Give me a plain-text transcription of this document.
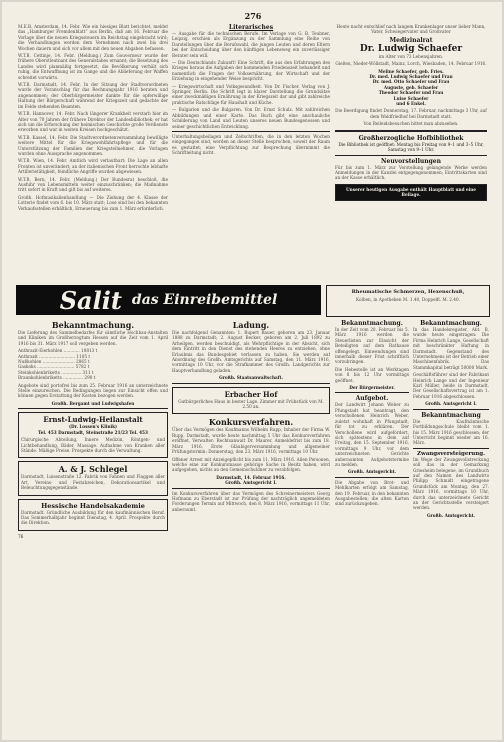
276

M.E.B. Amsterdam, 14. Febr. Wie ein hiesiges Blatt berichtet, meldet das „Hamburger Fremdenblatt“ aus Berlin, daß am 16. Februar die Vorlage über die neuen Kriegssteuern im Reichstag eingebracht wird; die Verhandlungen werden dem Vernehmen nach zwei bis drei Wochen dauern und sich vor allem mit den neuen Abgaben befassen.

W.T.B. Cettinje, 14. Febr. (Meldung.) Zum Gouverneur wurde der frühere Oberstleutnant des Generalstabes ernannt; die Besetzung des Landes wird planmäßig fortgesetzt, die Bevölkerung verhält sich ruhig, die Entwaffnung ist im Gange und die Ablieferung der Waffen schreitet vorwärts.

W.T.B. Darmstadt, 14. Febr. In der Sitzung der Stadtverordneten wurde der Voranschlag für das Rechnungsjahr 1916 beraten und angenommen; der Oberbürgermeister dankte für die opferwillige Haltung der Bürgerschaft während der Kriegszeit und gedachte der im Felde stehenden Beamten.

W.T.B. Hannover, 14. Febr. Nach längerer Krankheit verstarb hier im Alter von 70 Jahren der frühere Direktor der Landesbibliothek; er hat sich um die Erforschung der heimischen Geschichte große Verdienste erworben und war in weiten Kreisen hochgeschätzt.

W.T.B. Kassel, 14. Febr. Die Stadtverordnetenversammlung bewilligte weitere Mittel für die Kriegswohlfahrtspflege und für die Unterstützung der Familien der Kriegsteilnehmer, die Vorlagen wurden ohne Aussprache angenommen.

W.T.B. Wien, 14. Febr. Amtlich wird verlautbart: Die Lage an allen Fronten ist unverändert; an der italienischen Front herrschte lebhafte Artillerietätigkeit, feindliche Angriffe wurden abgewiesen.

W.T.B. Bern, 14. Febr. (Meldung.) Der Bundesrat beschloß, die Ausfuhr von Lebensmitteln weiter einzuschränken; die Maßnahme tritt sofort in Kraft und gilt bis auf weiteres.

Großh. Hofmusikalienhandlung — Die Ziehung der 4. Klasse der Lotterie findet vom 6. bis 10. März statt; Lose sind bei den bekannten Verkaufsstellen erhältlich, Erneuerung bis zum 1. März erforderlich.

Literarisches

— Ausgabe für die technischen Berufe. Im Verlage von G. B. Teubner, Leipzig, erschien als Ergänzung zu der Sammlung eine Reihe von Darstellungen über die Berufswahl, die jungen Leuten und deren Eltern bei der Entscheidung über den künftigen Lebensweg ein zuverlässiger Berater sein will.

— Die Deutschlands Zukunft! Eine Schrift, die aus den Erfahrungen des Krieges heraus die Aufgaben der kommenden Friedenszeit behandelt und namentlich die Fragen der Volksernährung, der Wirtschaft und der Erziehung in eingehender Weise bespricht.

— Kriegswirtschaft und Volksgesundheit. Von Dr. Fischer. Verlag von J. Springer, Berlin. Die Schrift legt in klarer Darstellung die Grundsätze einer zweckmäßigen Ernährung in der Kriegszeit dar und gibt zahlreiche praktische Ratschläge für Haushalt und Küche.

— Bulgarien und die Bulgaren. Von Dr. Ernst Schulz. Mit zahlreichen Abbildungen und einer Karte. Das Buch gibt eine anschauliche Schilderung von Land und Leuten unseres neuen Bundesgenossen und seiner geschichtlichen Entwicklung.

Unterhaltungsbeilagen und Zeitschriften, die in den letzten Wochen eingegangen sind, werden an dieser Stelle besprochen, soweit der Raum es gestattet; eine Verpflichtung zur Besprechung übernimmt die Schriftleitung nicht.

Heute nacht entschlief nach langem Krankenlager unser lieber Mann, Vater, Schwiegervater und Großvater

Medizinalrat
Dr. Ludwig Schaefer

im Alter von 73 Lebensjahren.

Gießen, Nieder-Wöllstadt, Mainz, Lorch, Wiesbaden, 14. Februar 1916.

Meline Schaefer, geb. Fries.
Dr. med. Ludwig Schaefer und Frau
Dr. med. Otto Schaefer und Frau
Auguste, geb. Schaefer
Theodor Schaefer und Frau
Luise Schaefer
und 6 Enkel.

Die Beerdigung findet Donnerstag, 17. Februar, nachmittags 3 Uhr, auf dem Waldfriedhof bei Darmstadt statt.

Von Beileidsbesuchen bittet man abzusehen.

Großherzogliche Hofbibliothek

Die Bibliothek ist geöffnet: Montag bis Freitag von 9–1 und 3–5 Uhr, Samstag von 9–1 Uhr.

Neuvorstellungen

Für bis zum 1. März zur Vorstellung gelangende Werke werden Anmeldungen in der Kanzlei entgegengenommen; Eintrittskarten sind an der Kasse erhältlich.

Unserer heutigen Ausgabe enthält Hauptblatt und eine Beilage.

Salit das Einreibemittel	Rheumatische Schmerzen, Hexenschuß,

Kolben, in Apotheken M. 1.40, Doppelfl. M. 2.40.

Bekanntmachung.

Die Lieferung des Sammelbedarfes für sämtliche Hochbau-Anstalten und Kliniken im Großherzogtum Hessen auf die Zeit vom 1. April 1916 bis 31. März 1917 soll vergeben werden.

Anthrazit-Eierkohlen ............ 10813 t
Anthrazit ........................... 1105 t
Nußkohlen ........................ 2865 t
Gaskoks ............................ 5782 t
Steinkohlenbriketts ............... 311 t
Braunkohlenbriketts ............... 290 t

Angebote sind portofrei bis zum 25. Februar 1916 an unterzeichnete Stelle einzureichen. Die Bedingungen liegen zur Einsicht offen und können gegen Erstattung der Kosten bezogen werden.

Großh. Bergamt und Ludwigshafen

Ernst-Ludwig-Heilanstalt

(Dr. Lossen's Klinik)
Tel. 453 Darmstadt, Steinstraße 21/23 Tel. 453

Chirurgische Abteilung, Innere Medizin, Röntgen- und Lichtbehandlung, Bäder, Massage. Aufnahme von Kranken aller Stände. Mäßige Preise. Prospekte durch die Verwaltung.

A. & J. Schlegel

Darmstadt, Luisenstraße 12. Fabrik von Fahnen und Flaggen aller Art, Vereins- und Festabzeichen, Dekorationsartikel und Beleuchtungsgegenstände.

Hessische Handelsakademie

Darmstadt. Gründliche Ausbildung für den kaufmännischen Beruf. Das Sommerhalbjahr beginnt Dienstag, 4. April. Prospekte durch die Direktion.

76
Ladung.

Die nachfolgend Genannten: 1. Rupert Bauer, geboren am 23. Januar 1888 zu Darmstadt; 2. August Becker, geboren am 2. Juli 1892 zu Arheilgen, werden beschuldigt, als Wehrpflichtige in der Absicht, sich dem Eintritt in den Dienst des stehenden Heeres zu entziehen, ohne Erlaubnis das Bundesgebiet verlassen zu haben. Sie werden auf Anordnung des Großh. Amtsgerichts auf Samstag, den 11. März 1916, vormittags 10 Uhr, vor die Strafkammer des Großh. Landgerichts zur Hauptverhandlung geladen.

Großh. Staatsanwaltschaft.

Erbacher Hof

Gutbürgerliches Haus in bester Lage. Zimmer mit Frühstück von M. 2.50 an.

Konkursverfahren.

Über das Vermögen des Kaufmanns Wilhelm Rupp, Inhaber der Firma W. Rupp, Darmstadt, wurde heute nachmittag 5 Uhr das Konkursverfahren eröffnet. Verwalter: Rechtsanwalt Dr. Maurer. Anmeldefrist bis zum 18. März 1916. Erste Gläubigerversammlung und allgemeiner Prüfungstermin: Donnerstag, den 23. März 1916, vormittags 10 Uhr.

Offener Arrest mit Anzeigepflicht bis zum 11. März 1916. Allen Personen, welche eine zur Konkursmasse gehörige Sache in Besitz haben, wird aufgegeben, nichts an den Gemeinschuldner zu verabfolgen.

Darmstadt, 14. Februar 1916.
Großh. Amtsgericht I.

Im Konkursverfahren über das Vermögen des Schreinermeisters Georg Hofmann zu Eberstadt ist zur Prüfung der nachträglich angemeldeten Forderungen Termin auf Mittwoch, den 8. März 1916, vormittags 11 Uhr, anberaumt.

Bekanntmachung.

In der Zeit vom 20. Februar bis 5. März 1916 werden die Steuerlisten zur Einsicht der Beteiligten auf dem Rathause offengelegt. Einwendungen sind innerhalb dieser Frist schriftlich vorzubringen.

Die Hebestelle ist an Werktagen von 8 bis 12 Uhr vormittags geöffnet.

Der Bürgermeister.

Aufgebot.

Der Landwirt Johann Weber zu Pfungstadt hat beantragt, den verschollenen Heinrich Weber, zuletzt wohnhaft in Pfungstadt, für tot zu erklären. Der Verschollene wird aufgefordert, sich spätestens in dem auf Freitag, den 15. September 1916, vormittags 9 Uhr, vor dem unterzeichneten Gerichte anberaumten Aufgebotstermine zu melden.

Großh. Amtsgericht.

Die Abgabe von Brot- und Mehlkarten erfolgt am Samstag, den 19. Februar, in den bekannten Ausgabestellen; die alten Karten sind zurückzugeben.

Bekanntmachung.

In das Handelsregister, Abt. B, wurde heute eingetragen: Die Firma Heinrich Lange, Gesellschaft mit beschränkter Haftung in Darmstadt. Gegenstand des Unternehmens ist der Betrieb einer Maschinenfabrik. Das Stammkapital beträgt 50000 Mark.

Geschäftsführer sind der Fabrikant Heinrich Lange und der Ingenieur Karl Müller, beide in Darmstadt. Der Gesellschaftsvertrag ist am 1. Februar 1916 abgeschlossen.

Großh. Amtsgericht I.

Bekanntmachung

Die Kaufmännische Fortbildungsschule bleibt vom 1. bis 15. März 1916 geschlossen; der Unterricht beginnt wieder am 16. März.

Zwangsversteigerung.

Im Wege der Zwangsvollstreckung soll das in der Gemarkung Griesheim belegene, im Grundbuch auf den Namen des Landwirts Philipp Schmidt eingetragene Grundstück am Montag, den 27. März 1916, vormittags 10 Uhr, durch das unterzeichnete Gericht an der Gerichtsstelle versteigert werden.

Großh. Amtsgericht.
